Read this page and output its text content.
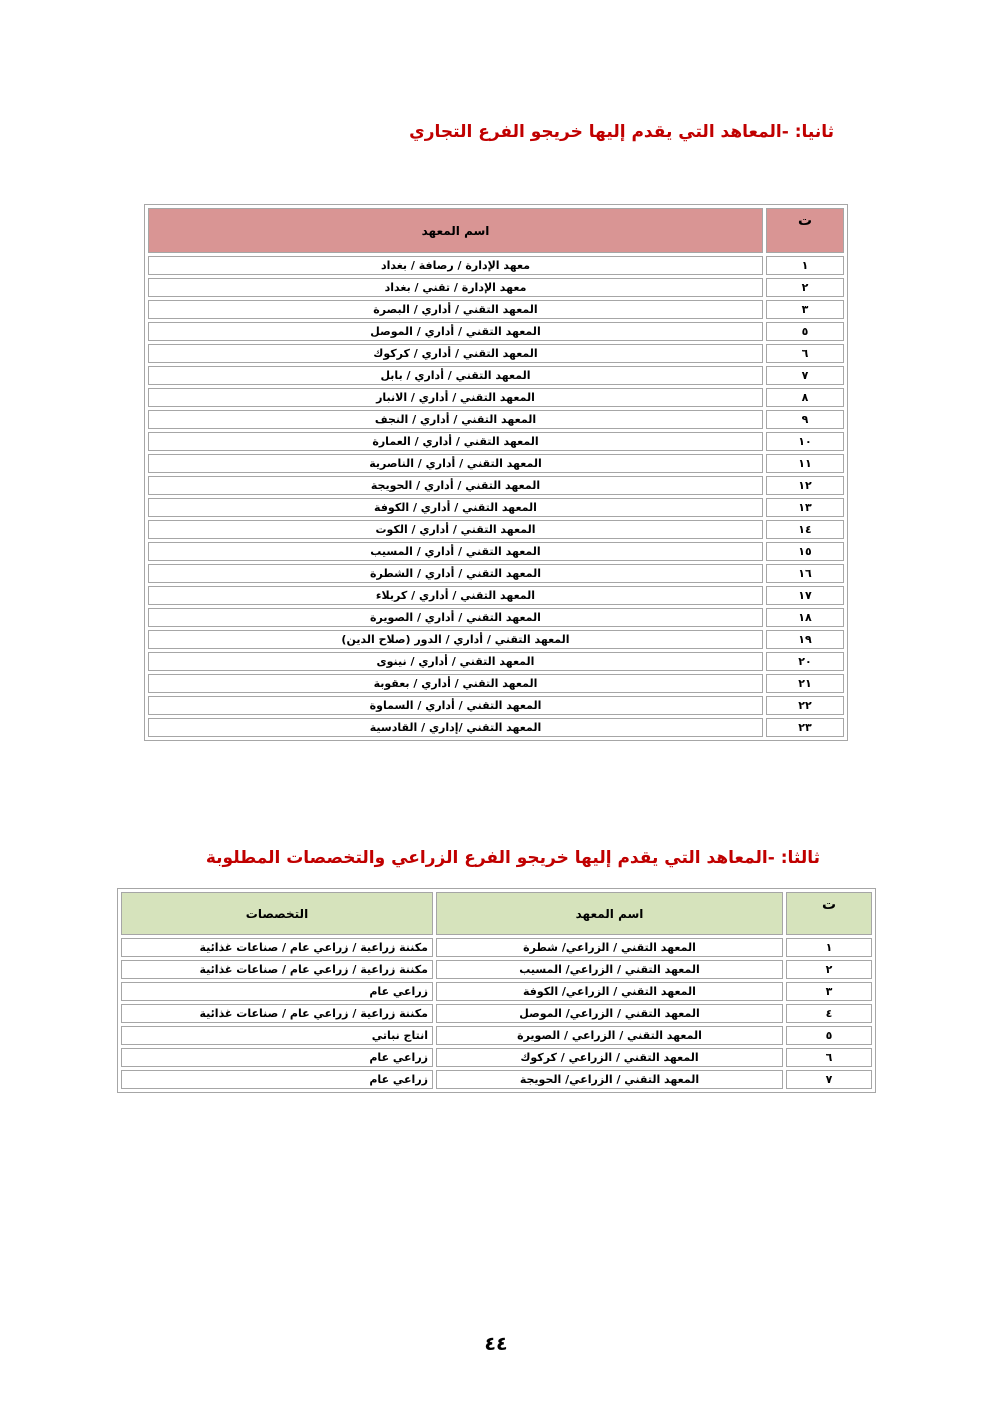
ثانيا: -المعاهد التي يقدم إليها خريجو الفرع التجاري
ت	اسم المعهد
١	معهد الإدارة / رصافة / بغداد
٢	معهد الإدارة / تقني / بغداد
٣	المعهد التقني / أداري / البصرة
٥	المعهد التقني / أداري / الموصل
٦	المعهد التقني / أداري / كركوك
٧	المعهد التقني / أداري / بابل
٨	المعهد التقني / أداري / الانبار
٩	المعهد التقني / أداري / النجف
١٠	المعهد التقني / أداري / العمارة
١١	المعهد التقني / أداري / الناصرية
١٢	المعهد التقني / أداري / الحويجة
١٣	المعهد التقني / أداري / الكوفة
١٤	المعهد التقني / أداري / الكوت
١٥	المعهد التقني / أداري / المسيب
١٦	المعهد التقني / أداري / الشطرة
١٧	المعهد التقني / أداري / كربلاء
١٨	المعهد التقني / أداري / الصويرة
١٩	المعهد التقني / أداري / الدور (صلاح الدين)
٢٠	المعهد التقني / أداري / نينوى
٢١	المعهد التقني / أداري / بعقوبة
٢٢	المعهد التقني / أداري / السماوة
٢٣	المعهد التقني /إداري / القادسية
ثالثا: -المعاهد التي يقدم إليها خريجو الفرع الزراعي والتخصصات المطلوبة
ت	اسم المعهد	التخصصات
١	المعهد التقني / الزراعي/ شطرة	مكننة زراعية / زراعي عام / صناعات غذائية
٢	المعهد التقني / الزراعي/ المسيب	مكننة زراعية / زراعي عام / صناعات غذائية
٣	المعهد التقني / الزراعي/ الكوفة	زراعي عام
٤	المعهد التقني / الزراعي/ الموصل	مكننة زراعية / زراعي عام / صناعات غذائية
٥	المعهد التقني / الزراعي / الصويرة	انتاج نباتي
٦	المعهد التقني / الزراعي / كركوك	زراعي عام
٧	المعهد التقني / الزراعي/ الحويجة	زراعي عام
٤٤
